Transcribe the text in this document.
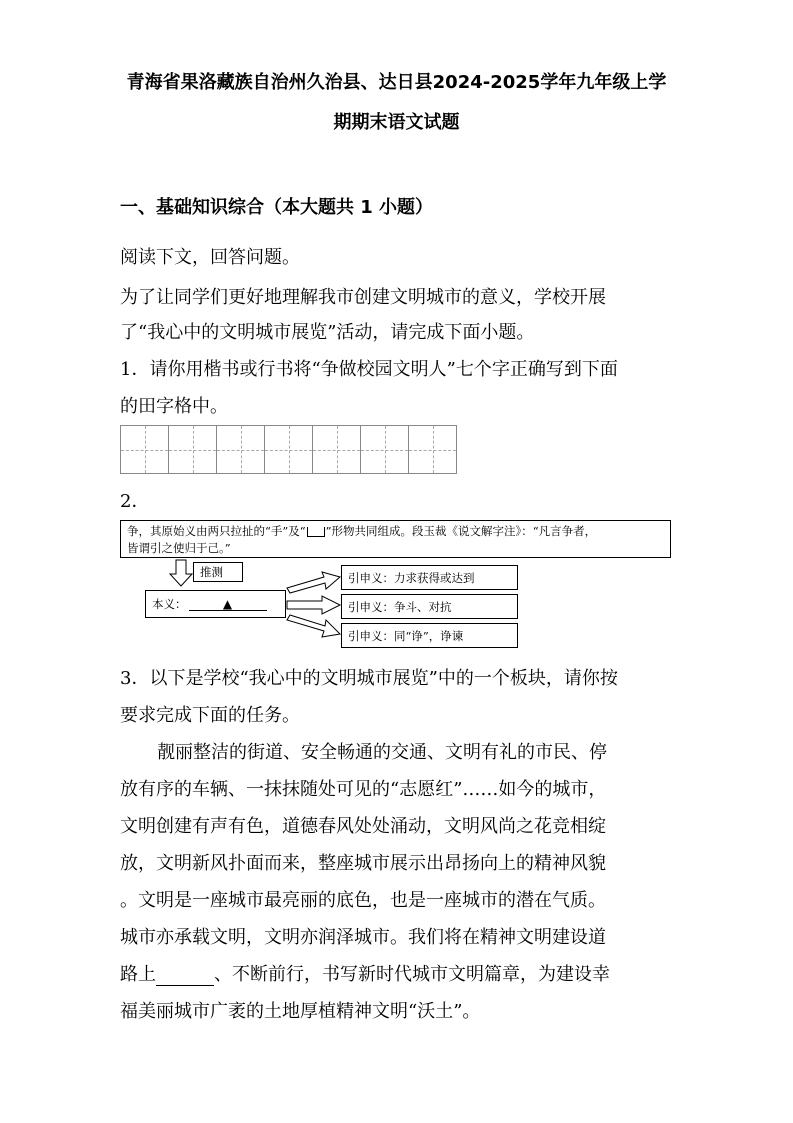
青海省果洛藏族自治州久治县、达日县2024-2025学年九年级上学
期期末语文试题
一、基础知识综合（本大题共 1 小题）
阅读下文，回答问题。
为了让同学们更好地理解我市创建文明城市的意义，学校开展
了“我心中的文明城市展览”活动，请完成下面小题。
1．请你用楷书或行书将“争做校园文明人”七个字正确写到下面
的田字格中。
2．
争，其原始义由两只拉扯的“手”及“ ”形物共同组成。段玉裁《说文解字注》：“凡言争者，
皆谓引之使归于己。”
推测
本义：	▲
引申义：力求获得或达到
引申义：争斗、对抗
引申义：同“诤”，诤谏
3．以下是学校“我心中的文明城市展览”中的一个板块，请你按
要求完成下面的任务。
靓丽整洁的街道、安全畅通的交通、文明有礼的市民、停
放有序的车辆、一抹抹随处可见的“志愿红”……如今的城市，
文明创建有声有色，道德春风处处涌动，文明风尚之花竞相绽
放，文明新风扑面而来，整座城市展示出昂扬向上的精神风貌
。文明是一座城市最亮丽的底色，也是一座城市的潜在气质。
城市亦承载文明，文明亦润泽城市。我们将在精神文明建设道
路上	、不断前行，书写新时代城市文明篇章，为建设幸
福美丽城市广袤的土地厚植精神文明“沃土”。
